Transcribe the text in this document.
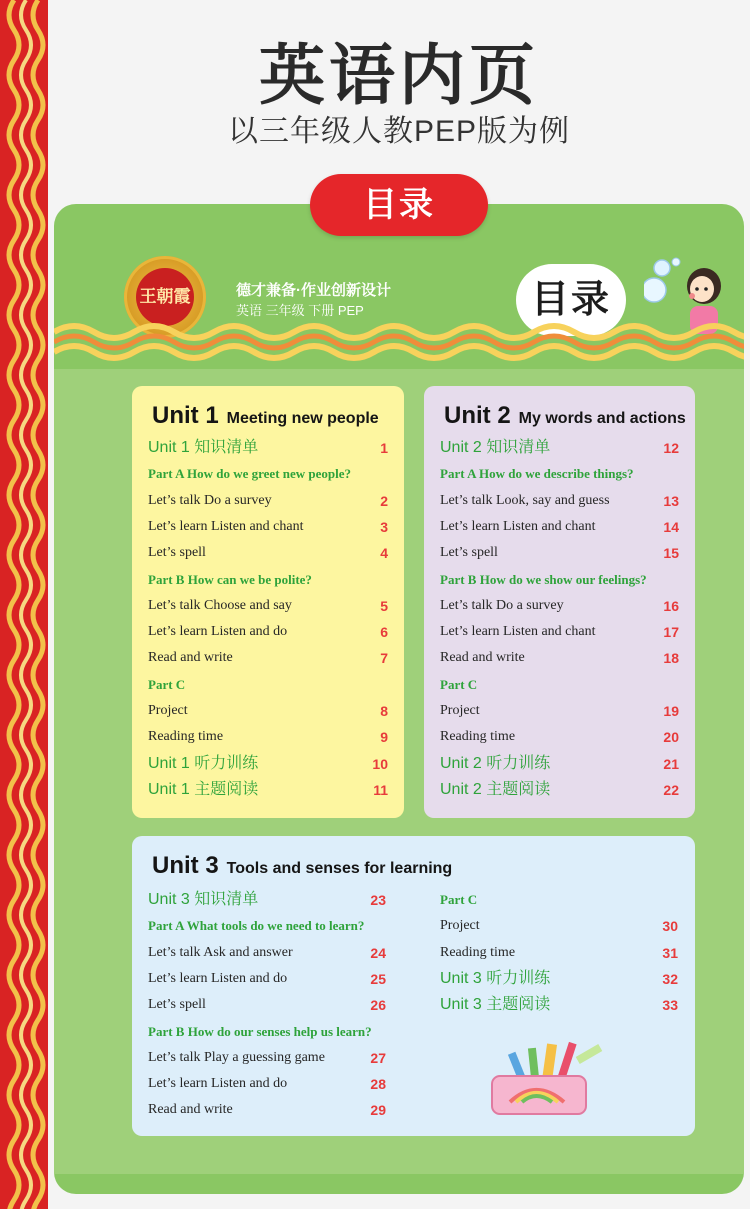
英语内页
以三年级人教PEP版为例
目录
王朝霞	德才兼备·作业创新设计
英语 三年级 下册 PEP	目录
Unit 1 Meeting new people
Unit 1 知识清单	1
Part A How do we greet new people?
Let’s talk Do a survey	2
Let’s learn Listen and chant	3
Let’s spell	4
Part B How can we be polite?
Let’s talk Choose and say	5
Let’s learn Listen and do	6
Read and write	7
Part C
Project	8
Reading time	9
Unit 1 听力训练	10
Unit 1 主题阅读	11
Unit 2 My words and actions
Unit 2 知识清单	12
Part A How do we describe things?
Let’s talk Look, say and guess	13
Let’s learn Listen and chant	14
Let’s spell	15
Part B How do we show our feelings?
Let’s talk Do a survey	16
Let’s learn Listen and chant	17
Read and write	18
Part C
Project	19
Reading time	20
Unit 2 听力训练	21
Unit 2 主题阅读	22
Unit 3 Tools and senses for learning
Unit 3 知识清单	23
Part A What tools do we need to learn?
Let’s talk Ask and answer	24
Let’s learn Listen and do	25
Let’s spell	26
Part B How do our senses help us learn?
Let’s talk Play a guessing game	27
Let’s learn Listen and do	28
Read and write	29
Part C
Project	30
Reading time	31
Unit 3 听力训练	32
Unit 3 主题阅读	33
